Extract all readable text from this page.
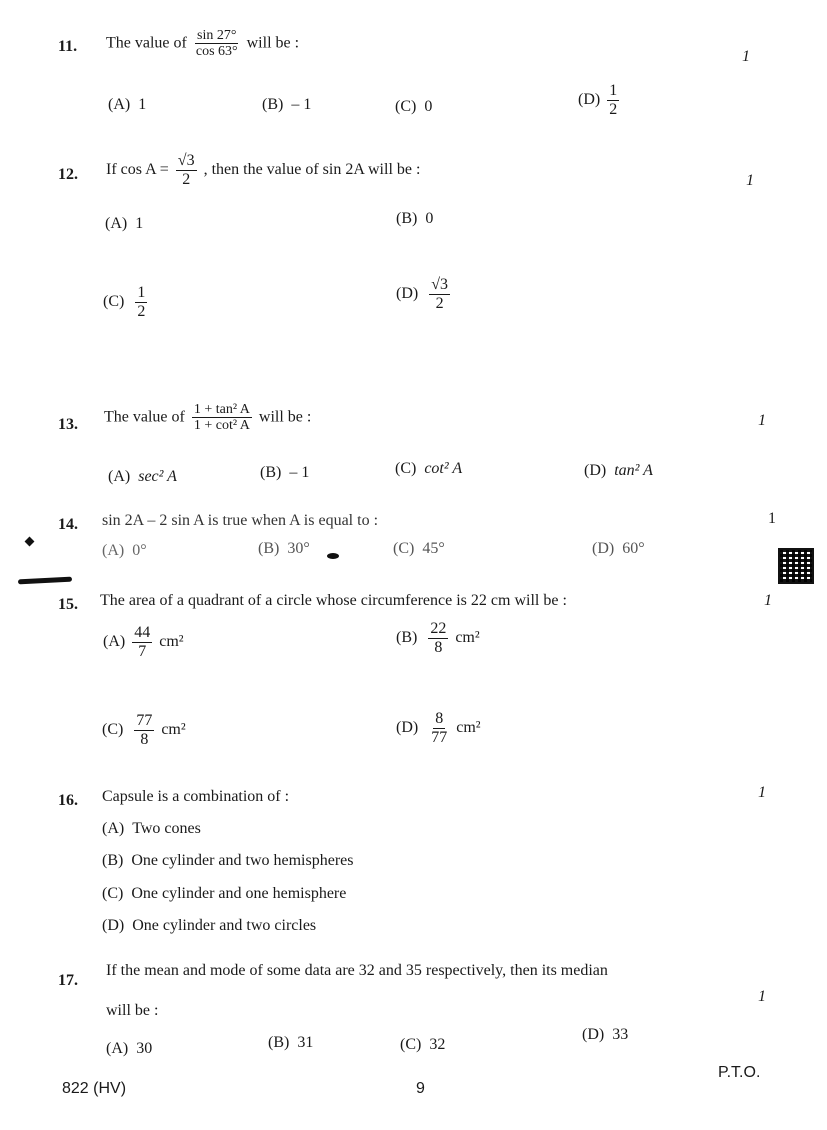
11. The value of $\frac{\sin 27^\circ}{\cos 63^\circ}$ will be :
1
(A) 1	(B) – 1	(C) 0	$(D) \frac{1}{2}$
12. If $\cos A = \frac{√3}{2}$ , then the value of sin 2A will be :
1
(A) 1	(B) 0
$(C) \frac{1}{2}$	$(D) \frac{√3}{2}$
13. The value of $\frac{\text{1 + tan² A}}{\text{1 + cot² A}}$ will be :	1
(A) sec² A	(B) – 1	(C) cot² A	(D) tan² A
14. sin 2A – 2 sin A is true when A is equal to :	1
(A) 0°	(B) 30°	(C) 45°	(D) 60°
15. The area of a quadrant of a circle whose circumference is 22 cm will be :	1
$(A) \frac{44}{7} cm^2$	$(B) \frac{22}{8} cm^2$
$(C) \frac{77}{8} cm^2$	$(D) \frac{8}{77} cm^2$
16. Capsule is a combination of :	1
(A) Two cones
(B) One cylinder and two hemispheres
(C) One cylinder and one hemisphere
(D) One cylinder and two circles
17.
If the mean and mode of some data are 32 and 35 respectively, then its median
will be :
1
(A) 30	(B) 31	(C) 32
(D) 33
822 (HV)	9
P.T.O.
